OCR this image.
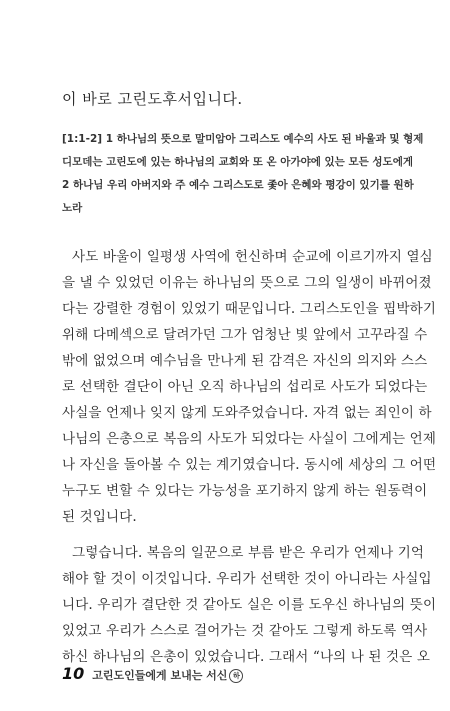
이 바로 고린도후서입니다.
[1:1-2] 1 하나님의 뜻으로 말미암아 그리스도 예수의 사도 된 바울과 및 형제
디모데는 고린도에 있는 하나님의 교회와 또 온 아가야에 있는 모든 성도에게
2 하나님 우리 아버지와 주 예수 그리스도로 좇아 은혜와 평강이 있기를 원하
노라
사도 바울이 일평생 사역에 헌신하며 순교에 이르기까지 열심
을 낼 수 있었던 이유는 하나님의 뜻으로 그의 일생이 바뀌어졌
다는 강렬한 경험이 있었기 때문입니다. 그리스도인을 핍박하기
위해 다메섹으로 달려가던 그가 엄청난 빛 앞에서 고꾸라질 수
밖에 없었으며 예수님을 만나게 된 감격은 자신의 의지와 스스
로 선택한 결단이 아닌 오직 하나님의 섭리로 사도가 되었다는
사실을 언제나 잊지 않게 도와주었습니다. 자격 없는 죄인이 하
나님의 은총으로 복음의 사도가 되었다는 사실이 그에게는 언제
나 자신을 돌아볼 수 있는 계기였습니다. 동시에 세상의 그 어떤
누구도 변할 수 있다는 가능성을 포기하지 않게 하는 원동력이
된 것입니다.
그렇습니다. 복음의 일꾼으로 부름 받은 우리가 언제나 기억
해야 할 것이 이것입니다. 우리가 선택한 것이 아니라는 사실입
니다. 우리가 결단한 것 같아도 실은 이를 도우신 하나님의 뜻이
있었고 우리가 스스로 걸어가는 것 같아도 그렇게 하도록 역사
하신 하나님의 은총이 있었습니다. 그래서 “나의 나 된 것은 오
10 고린도인들에게 보내는 서신 하
